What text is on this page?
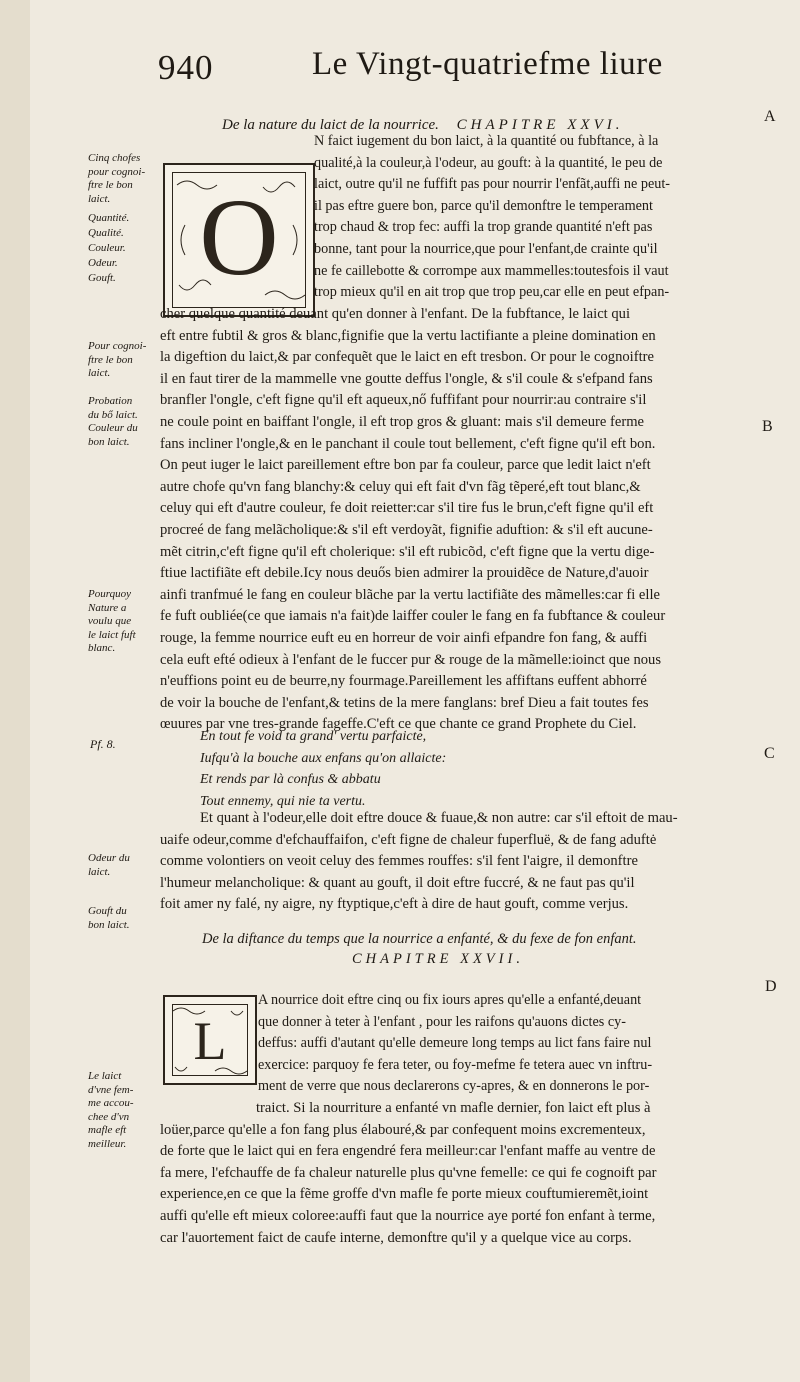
940	Le Vingt-quatriefme liure
De la nature du laict de la nourrice. CHAPITRE XXVI.	A
B
C
D
O
L
Cinq chofes
pour cognoi-
ftre le bon
laict.
Quantité.
Qualité.
Couleur.
Odeur.
Gouft.
Pour cognoi-
ftre le bon
laict.
Probation
du bő laict.
Couleur du
bon laict.
Pourquoy
Nature a
voulu que
le laict fuft
blanc.
Pf. 8.
Odeur du
laict.
Gouft du
bon laict.
Le laict
d'vne fem-
me accou-
chee d'vn
mafle eft
meilleur.
N faict iugement du bon laict, à la quantité ou fubftance, à la
qualité,à la couleur,à l'odeur, au gouft: à la quantité, le peu de
laict, outre qu'il ne fuffift pas pour nourrir l'enfãt,auffi ne peut-
il pas eftre guere bon, parce qu'il demonftre le temperament
trop chaud & trop fec: auffi la trop grande quantité n'eft pas
bonne, tant pour la nourrice,que pour l'enfant,de crainte qu'il
ne fe caillebotte & corrompe aux mammelles:toutesfois il vaut
trop mieux qu'il en ait trop que trop peu,car elle en peut efpan-
cher quelque quantité deuant qu'en donner à l'enfant. De la fubftance, le laict qui
eft entre fubtil & gros & blanc,fignifie que la vertu lactifiante a pleine domination en
la digeftion du laict,& par confequẽt que le laict en eft tresbon. Or pour le cognoiftre
il en faut tirer de la mammelle vne goutte deffus l'ongle, & s'il coule & s'efpand fans
branfler l'ongle, c'eft figne qu'il eft aqueux,nő fuffifant pour nourrir:au contraire s'il
ne coule point en baiffant l'ongle, il eft trop gros & gluant: mais s'il demeure ferme
fans incliner l'ongle,& en le panchant il coule tout bellement, c'eft figne qu'il eft bon.
On peut iuger le laict pareillement eftre bon par fa couleur, parce que ledit laict n'eft
autre chofe qu'vn fang blanchy:& celuy qui eft fait d'vn fãg tẽperé,eft tout blanc,&
celuy qui eft d'autre couleur, fe doit reietter:car s'il tire fus le brun,c'eft figne qu'il eft
procreé de fang melãcholique:& s'il eft verdoyãt, fignifie aduftion: & s'il eft aucune-
mẽt citrin,c'eft figne qu'il eft cholerique: s'il eft rubicõd, c'eft figne que la vertu dige-
ftiue lactifiãte eft debile.Icy nous deuős bien admirer la prouidẽce de Nature,d'auoir
ainfi tranfmué le fang en couleur blãche par la vertu lactifiãte des mãmelles:car fi elle
fe fuft oubliée(ce que iamais n'a fait)de laiffer couler le fang en fa fubftance & couleur
rouge, la femme nourrice euft eu en horreur de voir ainfi efpandre fon fang, & auffi
cela euft efté odieux à l'enfant de le fuccer pur & rouge de la mãmelle:ioinct que nous
n'euffions point eu de beurre,ny fourmage.Pareillement les affiftans euffent abhorré
de voir la bouche de l'enfant,& tetins de la mere fanglans: bref Dieu a fait toutes fes
œuures par vne tres-grande fageffe.C'eft ce que chante ce grand Prophete du Ciel.
En tout fe void ta grand' vertu parfaicte,
Iufqu'à la bouche aux enfans qu'on allaicte:
Et rends par là confus & abbatu
Tout ennemy, qui nie ta vertu.
Et quant à l'odeur,elle doit eftre douce & fuaue,& non autre: car s'il eftoit de mau-
uaife odeur,comme d'efchauffaifon, c'eft figne de chaleur fuperfluë, & de fang aduftė
comme volontiers on veoit celuy des femmes rouffes: s'il fent l'aigre, il demonftre
l'humeur melancholique: & quant au gouft, il doit eftre fuccré, & ne faut pas qu'il
foit amer ny falé, ny aigre, ny ftyptique,c'eft à dire de haut gouft, comme verjus.
De la diftance du temps que la nourrice a enfanté, & du fexe de fon enfant.
CHAPITRE XXVII.
A nourrice doit eftre cinq ou fix iours apres qu'elle a enfanté,deuant
que donner à teter à l'enfant , pour les raifons qu'auons dictes cy-
deffus: auffi d'autant qu'elle demeure long temps au lict fans faire nul
exercice: parquoy fe fera teter, ou foy-mefme fe tetera auec vn inftru-
ment de verre que nous declarerons cy-apres, & en donnerons le por-
traict. Si la nourriture a enfanté vn mafle dernier, fon laict eft plus à
loüer,parce qu'elle a fon fang plus élabouré,& par confequent moins excrementeux,
de forte que le laict qui en fera engendré fera meilleur:car l'enfant maffe au ventre de
fa mere, l'efchauffe de fa chaleur naturelle plus qu'vne femelle: ce qui fe cognoift par
experience,en ce que la fẽme groffe d'vn mafle fe porte mieux couftumieremẽt,ioint
auffi qu'elle eft mieux coloree:auffi faut que la nourrice aye porté fon enfant à terme,
car l'auortement faict de caufe interne, demonftre qu'il y a quelque vice au corps.
